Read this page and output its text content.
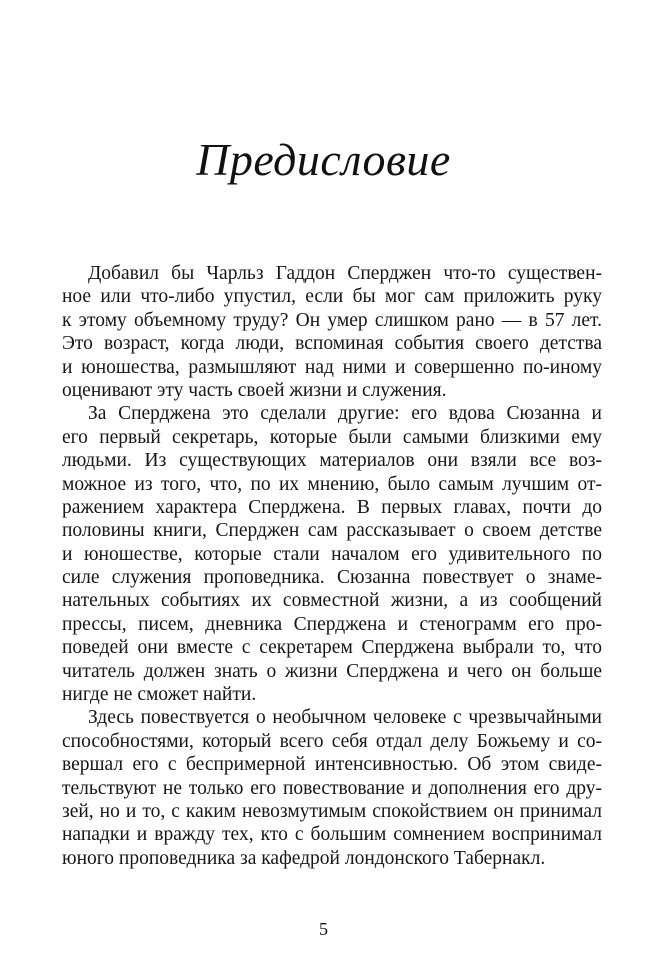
Предисловие
Добавил бы Чарльз Гаддон Сперджен что-то существен-
ное или что-либо упустил, если бы мог сам приложить руку
к этому объемному труду? Он умер слишком рано — в 57 лет.
Это возраст, когда люди, вспоминая события своего детства
и юношества, размышляют над ними и совершенно по-иному
оценивают эту часть своей жизни и служения.
За Сперджена это сделали другие: его вдова Сюзанна и
его первый секретарь, которые были самыми близкими ему
людьми. Из существующих материалов они взяли все воз-
можное из того, что, по их мнению, было самым лучшим от-
ражением характера Сперджена. В первых главах, почти до
половины книги, Сперджен сам рассказывает о своем детстве
и юношестве, которые стали началом его удивительного по
силе служения проповедника. Сюзанна повествует о знаме-
нательных событиях их совместной жизни, а из сообщений
прессы, писем, дневника Сперджена и стенограмм его про-
поведей они вместе с секретарем Сперджена выбрали то, что
читатель должен знать о жизни Сперджена и чего он больше
нигде не сможет найти.
Здесь повествуется о необычном человеке с чрезвычайными
способностями, который всего себя отдал делу Божьему и со-
вершал его с беспримерной интенсивностью. Об этом свиде-
тельствуют не только его повествование и дополнения его дру-
зей, но и то, с каким невозмутимым спокойствием он принимал
нападки и вражду тех, кто с большим сомнением воспринимал
юного проповедника за кафедрой лондонского Табернакл.
5
